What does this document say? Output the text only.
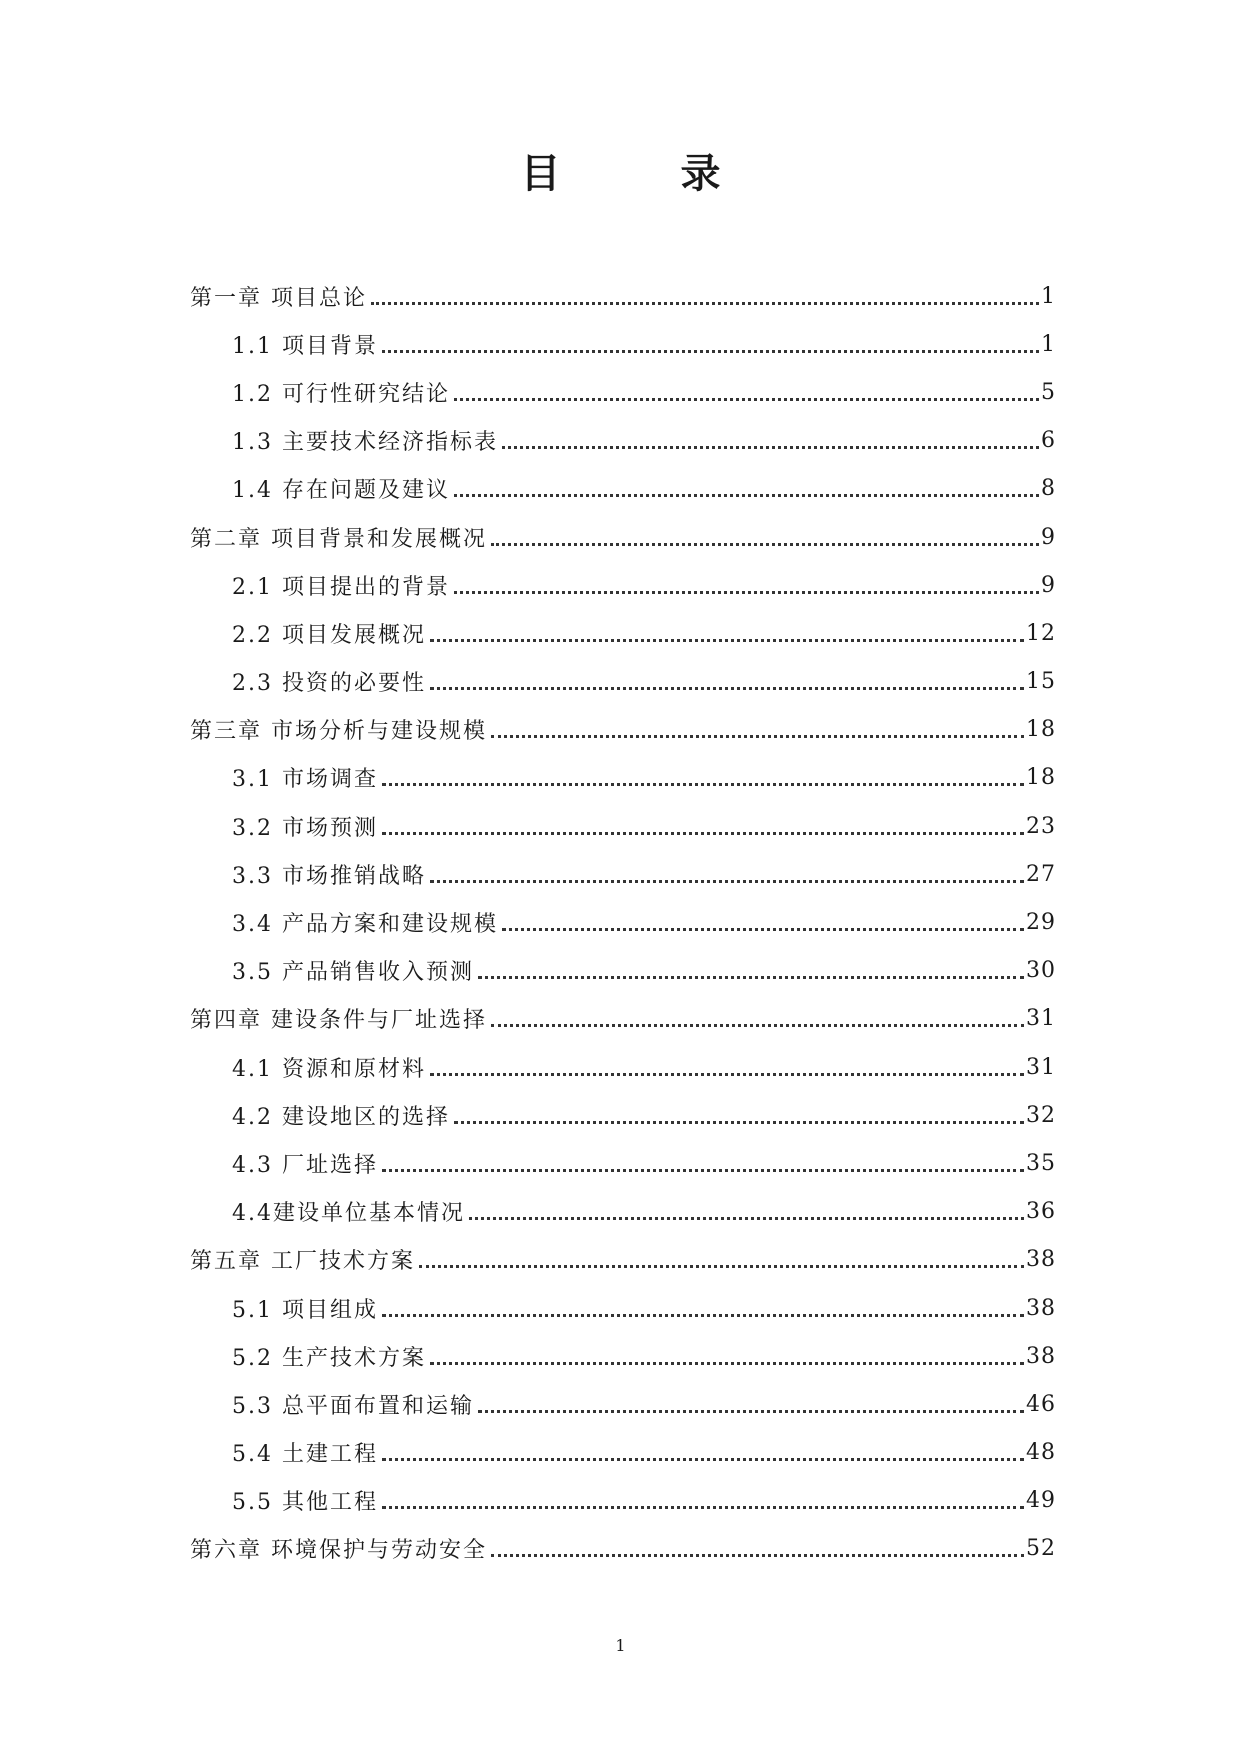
目	录
第一章 项目总论	1
1.1 项目背景	1
1.2 可行性研究结论	5
1.3 主要技术经济指标表	6
1.4 存在问题及建议	8
第二章 项目背景和发展概况	9
2.1 项目提出的背景	9
2.2 项目发展概况	12
2.3 投资的必要性	15
第三章 市场分析与建设规模	18
3.1 市场调查	18
3.2 市场预测	23
3.3 市场推销战略	27
3.4 产品方案和建设规模	29
3.5 产品销售收入预测	30
第四章 建设条件与厂址选择	31
4.1 资源和原材料	31
4.2 建设地区的选择	32
4.3 厂址选择	35
4.4建设单位基本情况	36
第五章 工厂技术方案	38
5.1 项目组成	38
5.2 生产技术方案	38
5.3 总平面布置和运输	46
5.4 土建工程	48
5.5 其他工程	49
第六章 环境保护与劳动安全	52
1
